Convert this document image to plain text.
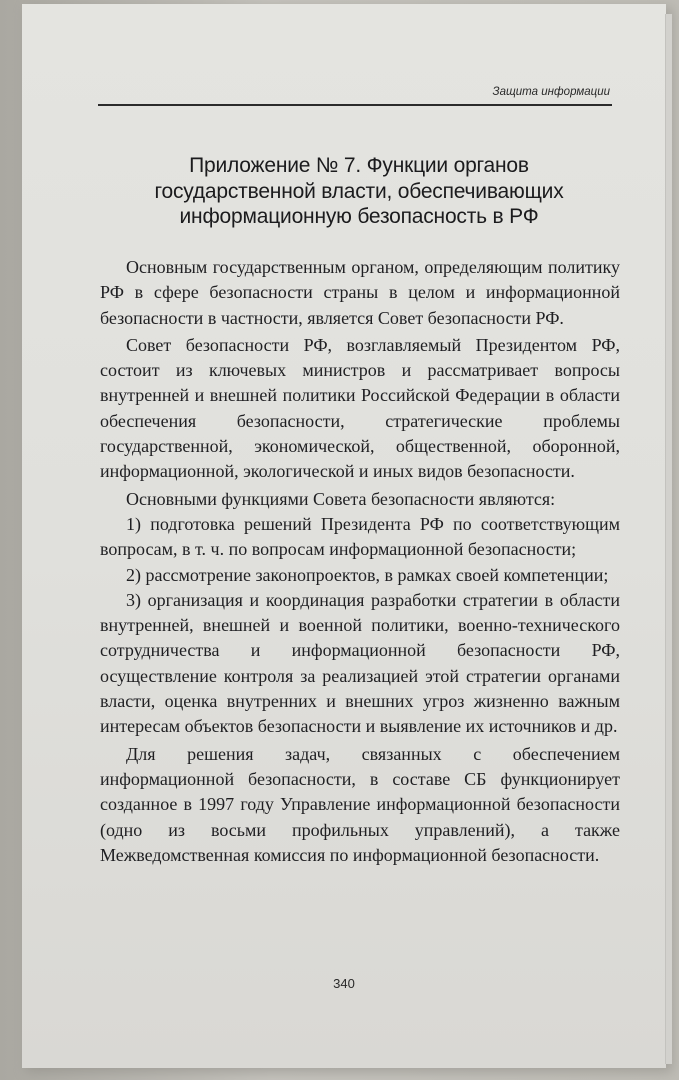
Защита информации
Приложение № 7. Функции органов
государственной власти, обеспечивающих
информационную безопасность в РФ

Основным государственным органом, определяющим политику РФ в сфере безопасности страны в целом и информационной безопасности в частности, является Совет безопасности РФ.

Совет безопасности РФ, возглавляемый Президентом РФ, состоит из ключевых министров и рассматривает вопросы внутренней и внешней политики Российской Федерации в области обеспечения безопасности, стратегические проблемы государственной, экономической, общественной, оборонной, информационной, экологической и иных видов безопасности.

Основными функциями Совета безопасности являются:

1) подготовка решений Президента РФ по соответствующим вопросам, в т. ч. по вопросам информационной безопасности;

2) рассмотрение законопроектов, в рамках своей компетенции;

3) организация и координация разработки стратегии в области внутренней, внешней и военной политики, военно-технического сотрудничества и информационной безопасности РФ, осуществление контроля за реализацией этой стратегии органами власти, оценка внутренних и внешних угроз жизненно важным интересам объектов безопасности и выявление их источников и др.

Для решения задач, связанных с обеспечением информационной безопасности, в составе СБ функционирует созданное в 1997 году Управление информационной безопасности (одно из восьми профильных управлений), а также Межведомственная комиссия по информационной безопасности.

340
